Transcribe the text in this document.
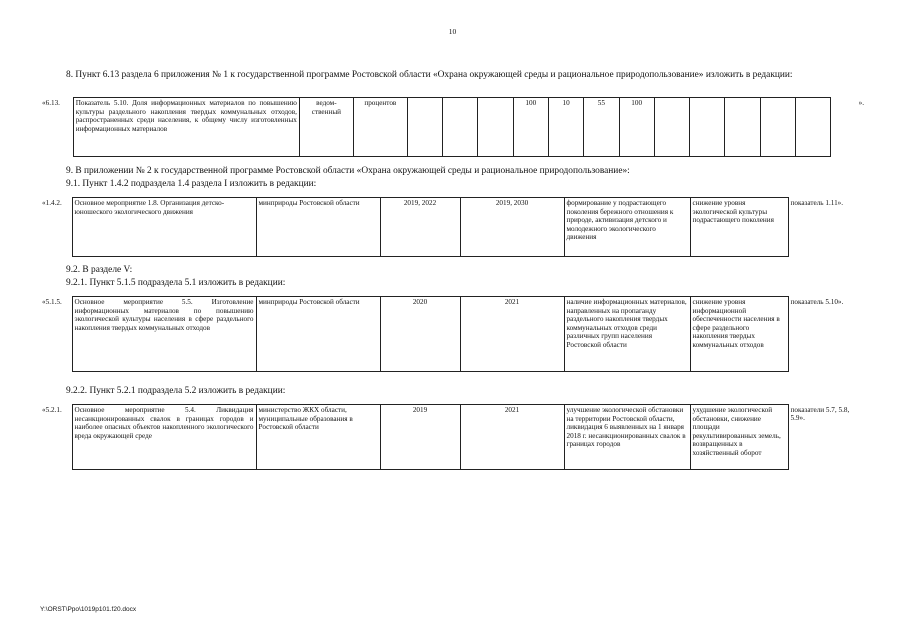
10

8. Пункт 6.13 раздела 6 приложения № 1 к государственной программе Ростовской области «Охрана окружающей среды и рациональное природопользование» изложить в редакции:

«6.13.	Показатель 5.10. Доля информационных материалов по повышению культуры раздельного накопления твердых коммунальных отходов, распространенных среди населения, к общему числу изготовленных информационных материалов	ведом-ственный	процентов				100	10	55	100						».

9. В приложении № 2 к государственной программе Ростовской области «Охрана окружающей среды и рациональное природопользование»:

9.1. Пункт 1.4.2 подраздела 1.4 раздела I изложить в редакции:

«1.4.2.	Основное мероприятие 1.8. Организация детско-юношеского экологического движения	минприроды Ростовской области	2019, 2022	2019, 2030	формирование у подрастающего поколения бережного отношения к природе, активизация детского и молодежного экологического движения	снижение уровня экологической культуры подрастающего поколения	показатель 1.11».

9.2. В разделе V:

9.2.1. Пункт 5.1.5 подраздела 5.1 изложить в редакции:

«5.1.5.	Основное мероприятие 5.5. Изготовление информационных материалов по повышению экологической культуры населения в сфере раздельного накопления твердых коммунальных отходов	минприроды Ростовской области	2020	2021	наличие информационных материалов, направленных на пропаганду раздельного накопления твердых коммунальных отходов среди различных групп населения Ростовской области	снижение уровня информационной обеспеченности населения в сфере раздельного накопления твердых коммунальных отходов	показатель 5.10».

9.2.2. Пункт 5.2.1 подраздела 5.2 изложить в редакции:

«5.2.1.	Основное мероприятие 5.4. Ликвидация несанкционированных свалок в границах городов и наиболее опасных объектов накопленного экологического вреда окружающей среде	министерство ЖКХ области, муниципальные образования в Ростовской области	2019	2021	улучшение экологической обстановки на территории Ростовской области, ликвидация 6 выявленных на 1 января 2018 г. несанкционированных свалок в границах городов	ухудшение экологической обстановки, снижение площади рекультивированных земель, возвращенных в хозяйственный оборот	показатели 5.7, 5.8, 5.9».
Y:\ORST\Ppo\1019p101.f20.docx
